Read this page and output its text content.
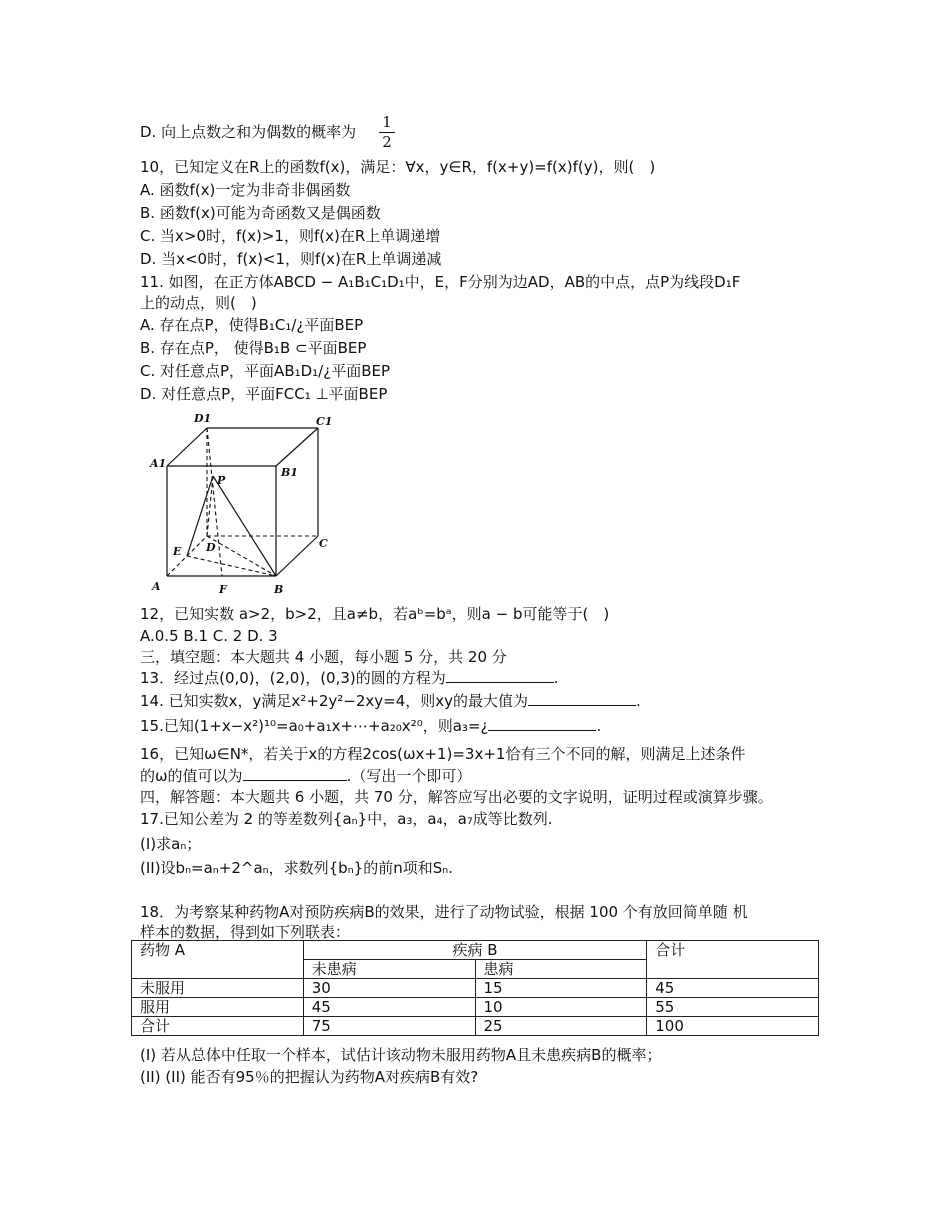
D. 向上点数之和为偶数的概率为
1
2
10，已知定义在R上的函数f(x)，满足：∀x，y∈R，f(x+y)=f(x)f(y)，则(　)
A. 函数f(x)一定为非奇非偶函数
B. 函数f(x)可能为奇函数又是偶函数
C. 当x>0时，f(x)>1，则f(x)在R上单调递增
D. 当x<0时，f(x)<1，则f(x)在R上单调递减
11. 如图，在正方体ABCD − A₁B₁C₁D₁中，E，F分别为边AD，AB的中点，点P为线段D₁F
上的动点，则(　)
A. 存在点P，使得B₁C₁/¿平面BEP
B. 存在点P， 使得B₁B ⊂平面BEP
C. 对任意点P，平面AB₁D₁/¿平面BEP
D. 对任意点P，平面FCC₁ ⊥平面BEP
D1	C1
A1
B1
P
E D	C
A	F	B
12，已知实数 a>2，b>2，且a≠b，若aᵇ=bᵃ，则a − b可能等于(　)
A.0.5 B.1 C. 2 D. 3
三，填空题：本大题共 4 小题，每小题 5 分，共 20 分
13．经过点(0,0)，(2,0)，(0,3)的圆的方程为	.
14. 已知实数x，y满足x²+2y²−2xy=4，则xy的最大值为	.
15.已知(1+x−x²)¹⁰=a₀+a₁x+⋯+a₂₀x²⁰，则a₃=¿	.
16，已知ω∈N*，若关于x的方程2cos(ωx+1)=3x+1恰有三个不同的解，则满足上述条件
的ω的值可以为	.（写出一个即可）
四，解答题：本大题共 6 小题，共 70 分，解答应写出必要的文字说明，证明过程或演算步骤。
17.已知公差为 2 的等差数列{aₙ}中，a₃，a₄，a₇成等比数列.
(I)求aₙ；
(II)设bₙ=aₙ+2^aₙ，求数列{bₙ}的前n项和Sₙ.
18．为考察某种药物A对预防疾病B的效果，进行了动物试验，根据 100 个有放回简单随 机
样本的数据，得到如下列联表：
药物 A	疾病 B		合计
	未患病	患病	
未服用	30	15	45
服用	45	10	55
合计	75	25	100
(I) 若从总体中任取一个样本，试估计该动物未服用药物A且未患疾病B的概率；
(II) (II) 能否有95％的把握认为药物A对疾病B有效?
